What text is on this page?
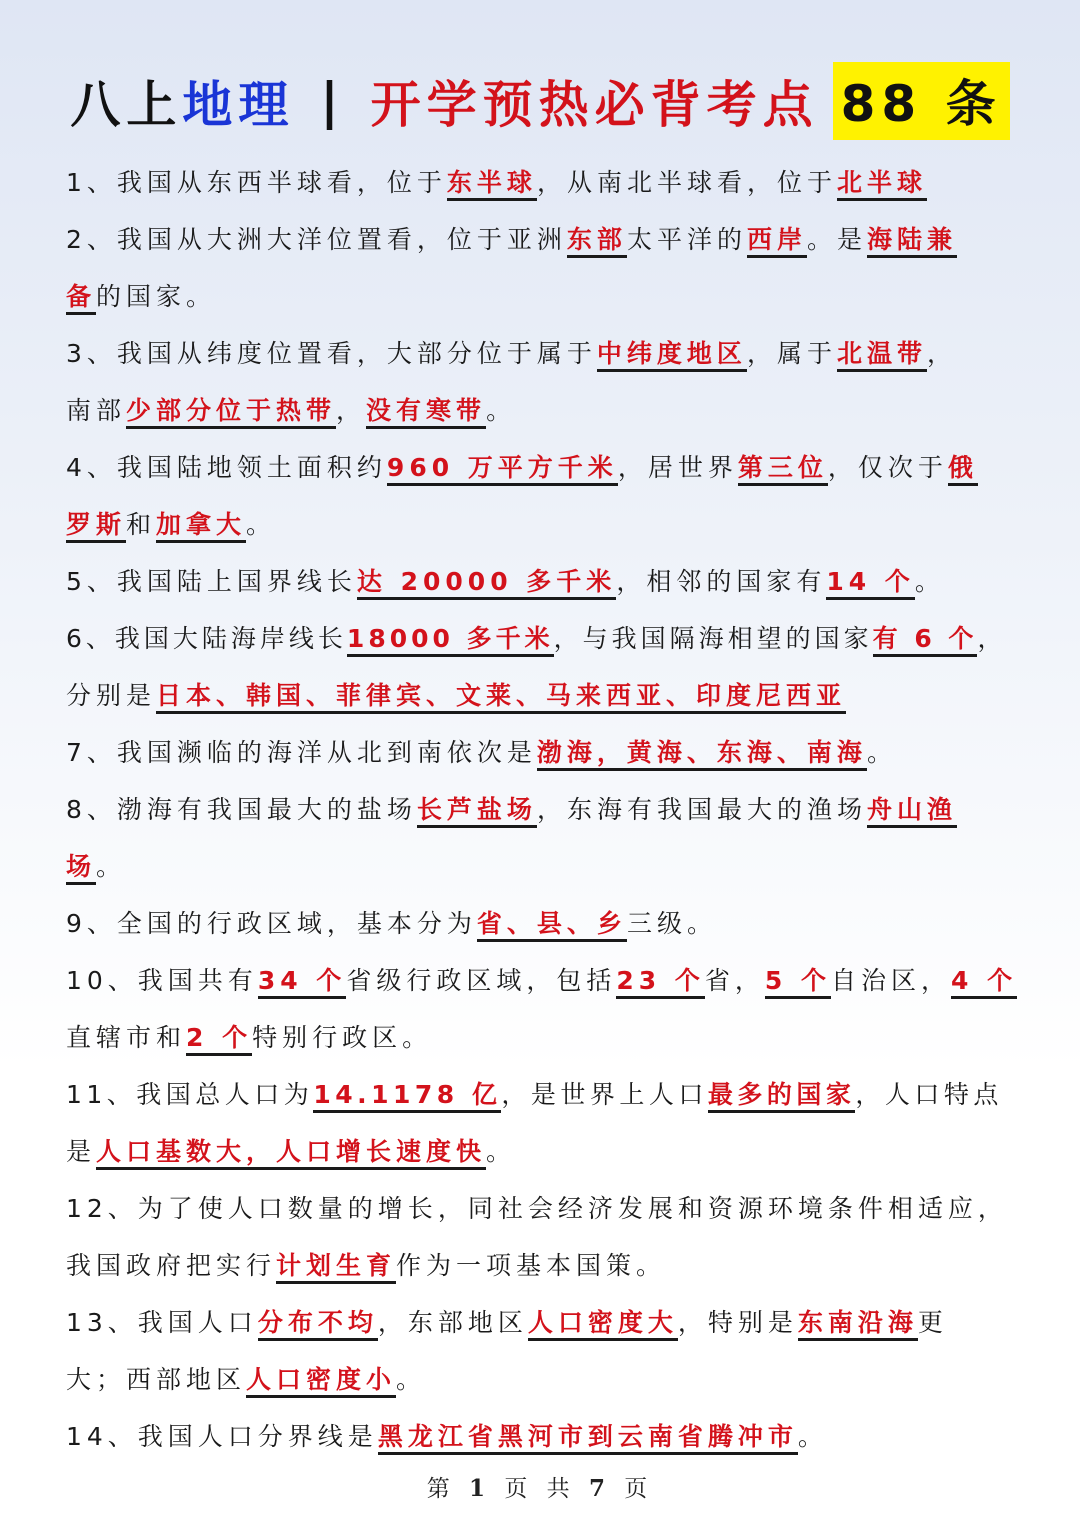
八上 地理 | 开学预热必背考点 88 条
1、我国从东西半球看，位于东半球，从南北半球看，位于北半球
2、我国从大洲大洋位置看，位于亚洲东部太平洋的西岸。是海陆兼
备的国家。
3、我国从纬度位置看，大部分位于属于中纬度地区，属于北温带，
南部少部分位于热带，没有寒带。
4、我国陆地领土面积约960 万平方千米，居世界第三位，仅次于俄
罗斯和加拿大。
5、我国陆上国界线长达 20000 多千米，相邻的国家有14 个。
6、我国大陆海岸线长18000 多千米，与我国隔海相望的国家有 6 个，
分别是日本、韩国、菲律宾、文莱、马来西亚、印度尼西亚
7、我国濒临的海洋从北到南依次是渤海，黄海、东海、南海。
8、渤海有我国最大的盐场长芦盐场，东海有我国最大的渔场舟山渔
场。
9、全国的行政区域，基本分为省、县、乡三级。
10、我国共有34 个省级行政区域，包括23 个省，5 个自治区，4 个
直辖市和2 个特别行政区。
11、我国总人口为14.1178 亿，是世界上人口最多的国家，人口特点
是人口基数大，人口增长速度快。
12、为了使人口数量的增长，同社会经济发展和资源环境条件相适应，
我国政府把实行计划生育作为一项基本国策。
13、我国人口分布不均，东部地区人口密度大，特别是东南沿海更
大；西部地区人口密度小。
14、我国人口分界线是黑龙江省黑河市到云南省腾冲市。
第 1 页 共 7 页
